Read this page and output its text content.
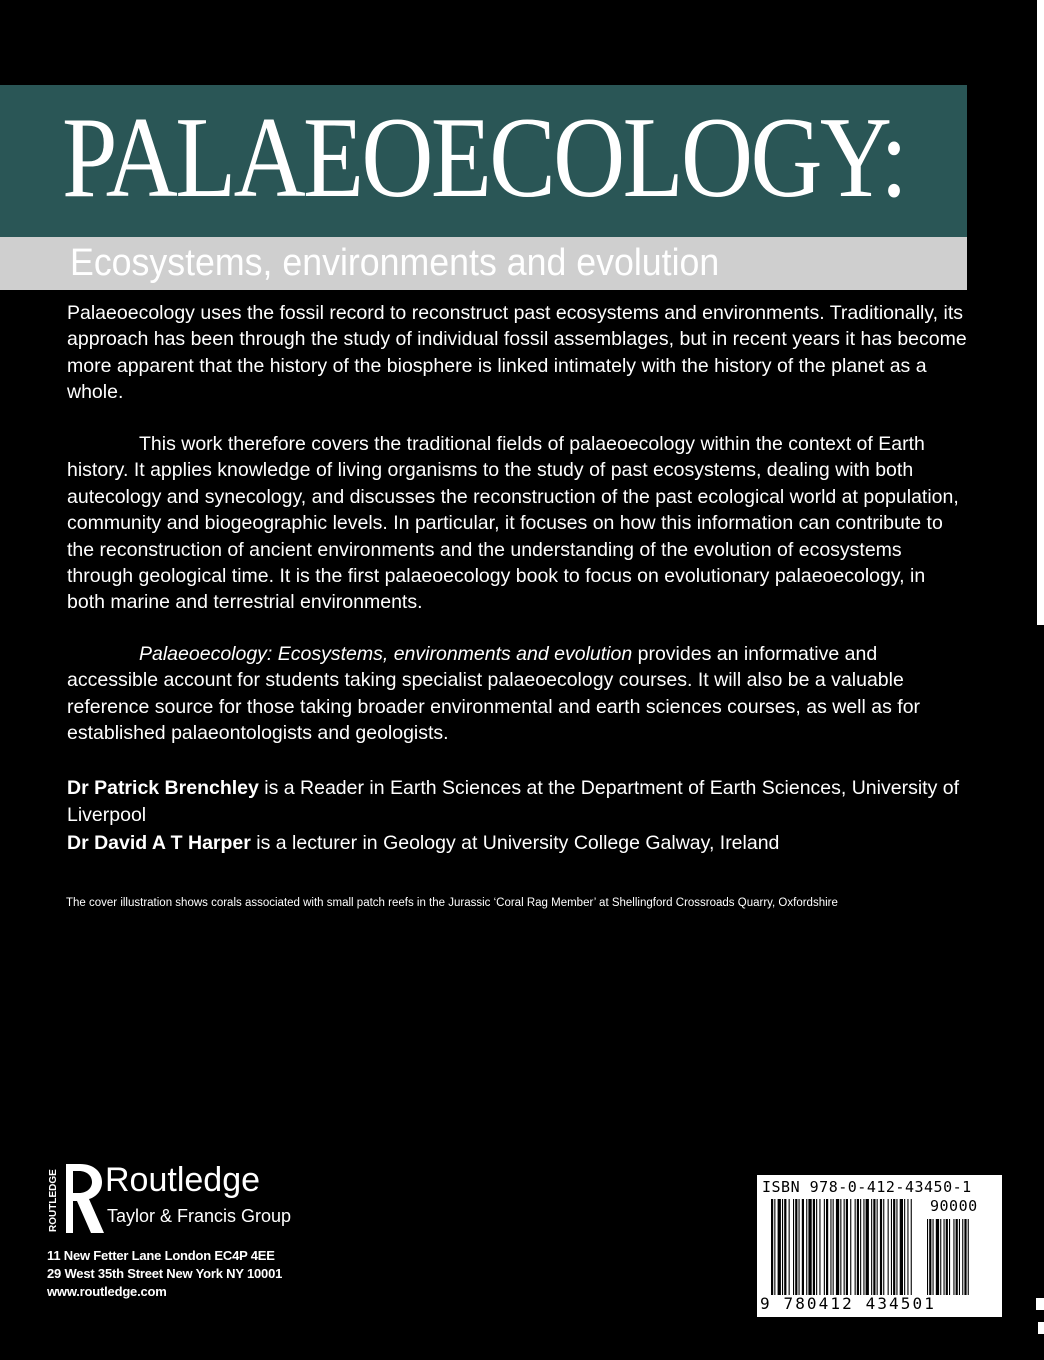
PALAEOECOLOGY:
Ecosystems, environments and evolution

Palaeoecology uses the fossil record to reconstruct past ecosystems and environments. Traditionally, its approach has been through the study of individual fossil assemblages, but in recent years it has become more apparent that the history of the biosphere is linked intimately with the history of the planet as a whole.

This work therefore covers the traditional fields of palaeoecology within the context of Earth history. It applies knowledge of living organisms to the study of past ecosystems, dealing with both autecology and synecology, and discusses the reconstruction of the past ecological world at population, community and biogeographic levels. In particular, it focuses on how this information can contribute to the reconstruction of ancient environments and the understanding of the evolution of ecosystems through geological time. It is the first palaeoecology book to focus on evolutionary palaeoecology, in both marine and terrestrial environments.

Palaeoecology: Ecosystems, environments and evolution provides an informative and accessible account for students taking specialist palaeoecology courses. It will also be a valuable reference source for those taking broader environmental and earth sciences courses, as well as for established palaeontologists and geologists.

Dr Patrick Brenchley is a Reader in Earth Sciences at the Department of Earth Sciences, University of Liverpool

Dr David A T Harper is a lecturer in Geology at University College Galway, Ireland

The cover illustration shows corals associated with small patch reefs in the Jurassic ‘Coral Rag Member’ at Shellingford Crossroads Quarry, Oxfordshire

ROUTLEDGE Routledge
Taylor & Francis Group

11 New Fetter Lane London EC4P 4EE

29 West 35th Street New York NY 10001

www.routledge.com

ISBN 978-0-412-43450-1
90000
9 780412 434501
